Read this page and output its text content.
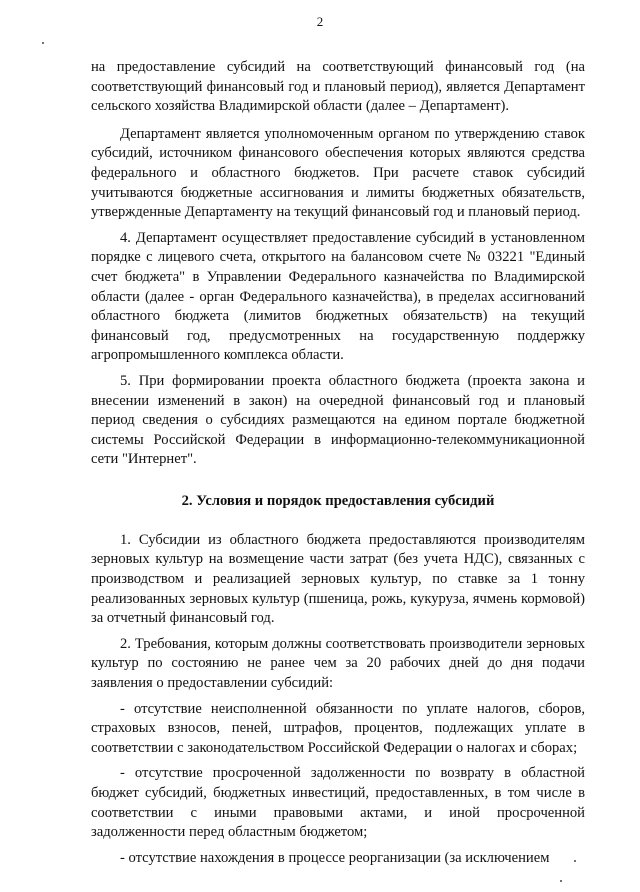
2

на предоставление субсидий на соответствующий финансовый год (на соответствующий финансовый год и плановый период), является Департамент сельского хозяйства Владимирской области (далее – Департамент).

Департамент является уполномоченным органом по утверждению ставок субсидий, источником финансового обеспечения которых являются средства федерального и областного бюджетов. При расчете ставок субсидий учитываются бюджетные ассигнования и лимиты бюджетных обязательств, утвержденные Департаменту на текущий финансовый год и плановый период.

4. Департамент осуществляет предоставление субсидий в установленном порядке с лицевого счета, открытого на балансовом счете № 03221 "Единый счет бюджета" в Управлении Федерального казначейства по Владимирской области (далее - орган Федерального казначейства), в пределах ассигнований областного бюджета (лимитов бюджетных обязательств) на текущий финансовый год, предусмотренных на государственную поддержку агропромышленного комплекса области.

5. При формировании проекта областного бюджета (проекта закона и внесении изменений в закон) на очередной финансовый год и плановый период сведения о субсидиях размещаются на едином портале бюджетной системы Российской Федерации в информационно-телекоммуникационной сети "Интернет".

2. Условия и порядок предоставления субсидий

1. Субсидии из областного бюджета предоставляются производителям зерновых культур на возмещение части затрат (без учета НДС), связанных с производством и реализацией зерновых культур, по ставке за 1 тонну реализованных зерновых культур (пшеница, рожь, кукуруза, ячмень кормовой) за отчетный финансовый год.

2. Требования, которым должны соответствовать производители зерновых культур по состоянию не ранее чем за 20 рабочих дней до дня подачи заявления о предоставлении субсидий:

- отсутствие неисполненной обязанности по уплате налогов, сборов, страховых взносов, пеней, штрафов, процентов, подлежащих уплате в соответствии с законодательством Российской Федерации о налогах и сборах;

- отсутствие просроченной задолженности по возврату в областной бюджет субсидий, бюджетных инвестиций, предоставленных, в том числе в соответствии с иными правовыми актами, и иной просроченной задолженности перед областным бюджетом;

- отсутствие нахождения в процессе реорганизации (за исключением
